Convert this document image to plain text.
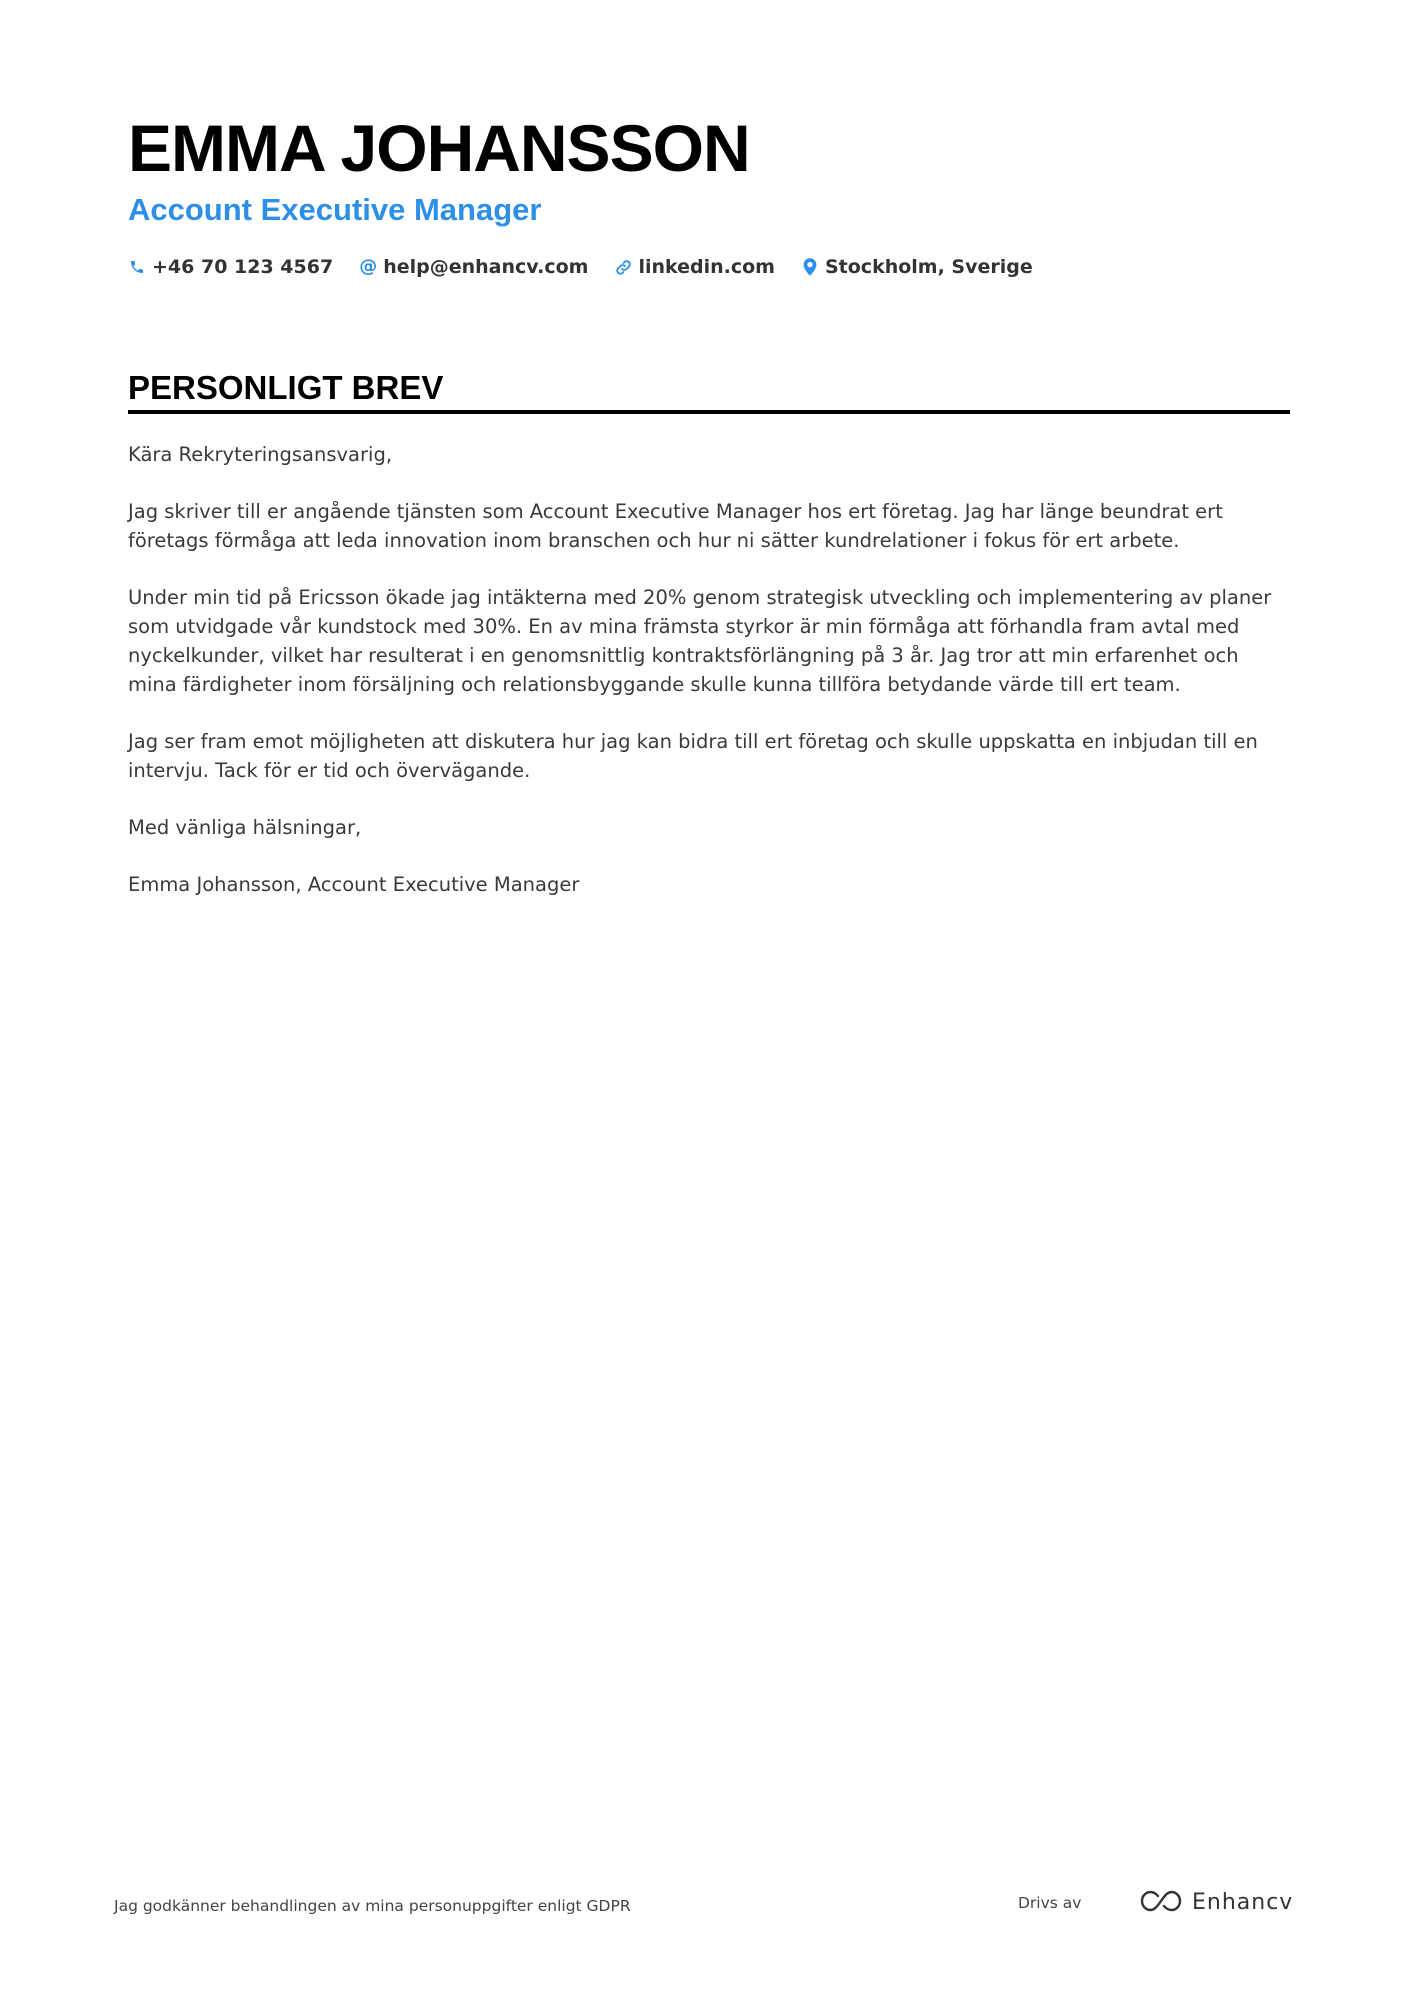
EMMA JOHANSSON
Account Executive Manager
+46 70 123 4567 @ help@enhancv.com	linkedin.com	Stockholm, Sverige
PERSONLIGT BREV

Kära Rekryteringsansvarig,

Jag skriver till er angående tjänsten som Account Executive Manager hos ert företag. Jag har länge beundrat ert företags förmåga att leda innovation inom branschen och hur ni sätter kundrelationer i fokus för ert arbete.

Under min tid på Ericsson ökade jag intäkterna med 20% genom strategisk utveckling och implementering av planer som utvidgade vår kundstock med 30%. En av mina främsta styrkor är min förmåga att förhandla fram avtal med nyckelkunder, vilket har resulterat i en genomsnittlig kontraktsförlängning på 3 år. Jag tror att min erfarenhet och mina färdigheter inom försäljning och relationsbyggande skulle kunna tillföra betydande värde till ert team.

Jag ser fram emot möjligheten att diskutera hur jag kan bidra till ert företag och skulle uppskatta en inbjudan till en intervju. Tack för er tid och övervägande.

Med vänliga hälsningar,

Emma Johansson, Account Executive Manager

Jag godkänner behandlingen av mina personuppgifter enligt GDPR	Drivs av	Enhancv
